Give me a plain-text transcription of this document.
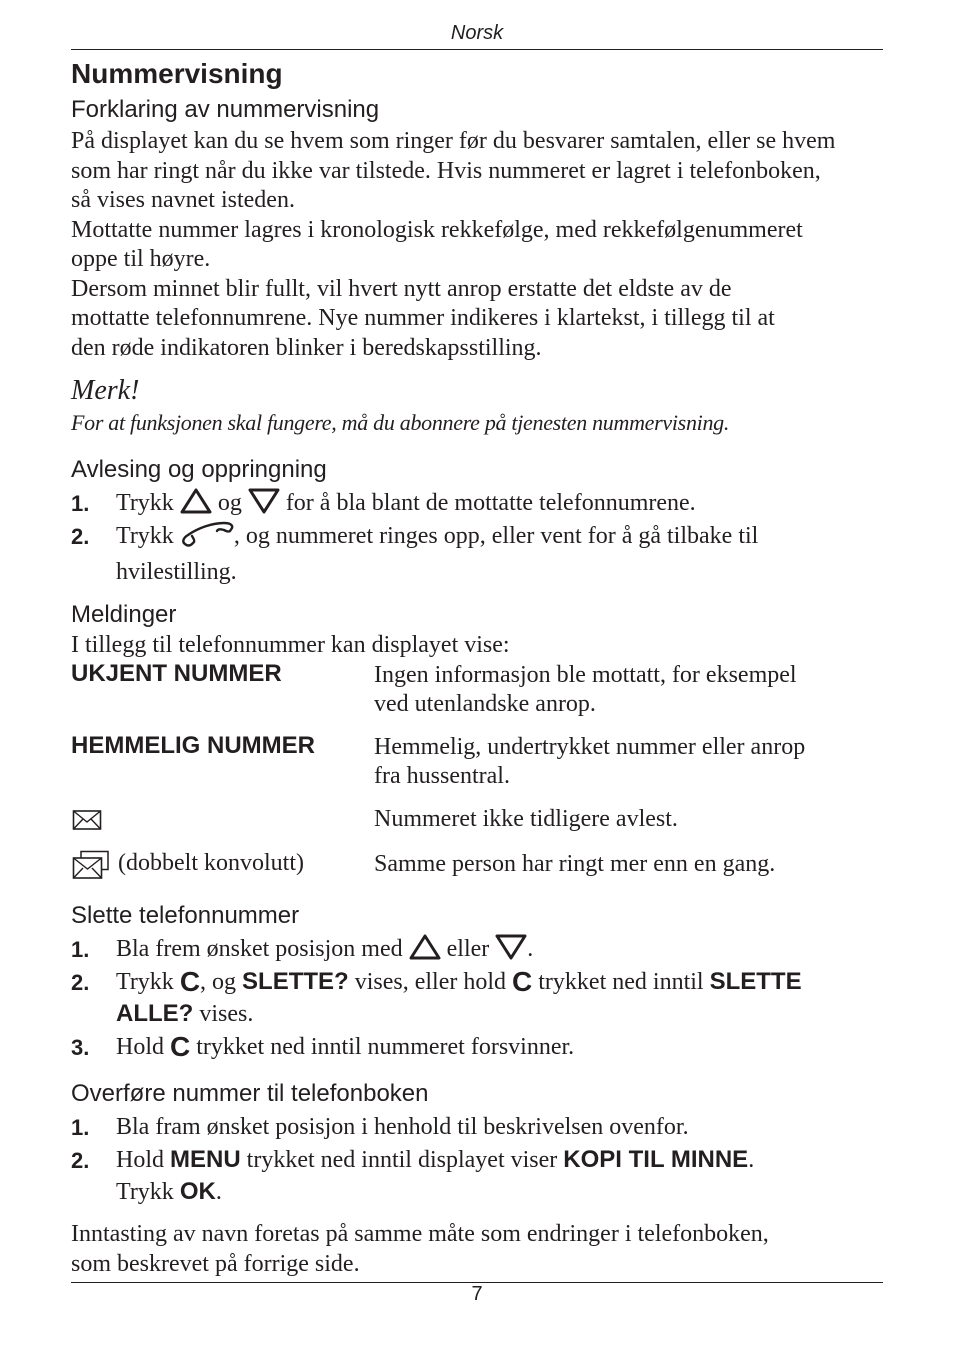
Norsk
Nummervisning
Forklaring av nummervisning
På displayet kan du se hvem som ringer før du besvarer samtalen, eller se hvem
som har ringt når du ikke var tilstede. Hvis nummeret er lagret i telefonboken,
så vises navnet isteden.
Mottatte nummer lagres i kronologisk rekkefølge, med rekkefølgenummeret
oppe til høyre.
Dersom minnet blir fullt, vil hvert nytt anrop erstatte det eldste av de
mottatte telefonnumrene. Nye nummer indikeres i klartekst, i tillegg til at
den røde indikatoren blinker i beredskapsstilling.
Merk!
For at funksjonen skal fungere, må du abonnere på tjenesten nummervisning.
Avlesing og oppringning
1. Trykk  og  for å bla blant de mottatte telefonnumrene.
2. Trykk , og nummeret ringes opp, eller vent for å gå tilbake til
hvilestilling.
Meldinger
I tillegg til telefonnummer kan displayet vise:
UKJENT NUMMER	Ingen informasjon ble mottatt, for eksempel
ved utenlandske anrop.
HEMMELIG NUMMER Hemmelig, undertrykket nummer eller anrop
fra hussentral.
Nummeret ikke tidligere avlest.
(dobbelt konvolutt)	Samme person har ringt mer enn en gang.
Slette telefonnummer
1. Bla frem ønsket posisjon med  eller .
2. Trykk C, og SLETTE? vises, eller hold C trykket ned inntil SLETTE
ALLE? vises.
3. Hold C trykket ned inntil nummeret forsvinner.
Overføre nummer til telefonboken
1. Bla fram ønsket posisjon i henhold til beskrivelsen ovenfor.
2. Hold MENU trykket ned inntil displayet viser KOPI TIL MINNE.
Trykk OK.
Inntasting av navn foretas på samme måte som endringer i telefonboken,
som beskrevet på forrige side.
7
